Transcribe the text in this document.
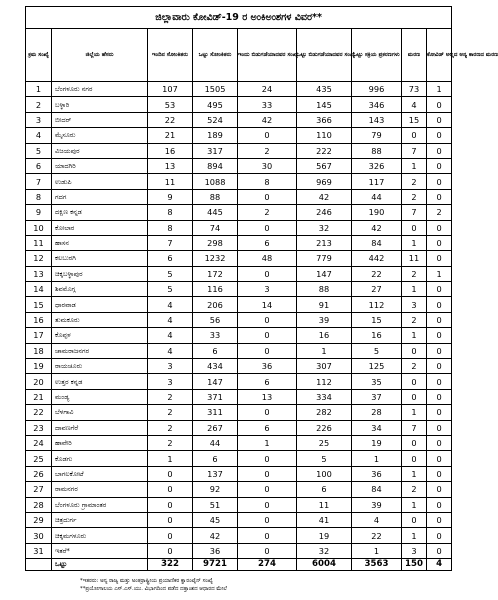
ಜಿಲ್ಲಾವಾರು ಕೋವಿಡ್-19 ರ ಅಂಕಿಅಂಶಗಳ ವಿವರ**								
ಕ್ರಮ ಸಂಖ್ಯೆ	ಜಿಲ್ಲೆಯ ಹೆಸರು	ಇಂದಿನ ಸೋಂಕಿತರು	ಒಟ್ಟು ಸೋಂಕಿತರು	ಇಂದು ಬಿಡುಗಡೆಯಾದವರ ಸಂಖ್ಯೆ	ಒಟ್ಟು ಬಿಡುಗಡೆಯಾದವರ ಸಂಖ್ಯೆ	ಒಟ್ಟು ಸಕ್ರಿಯ ಪ್ರಕರಣಗಳು	ಮರಣ	ಕೋವಿಡ್ ಅಲ್ಲದ ಅನ್ಯ ಕಾರಣದ ಮರಣ
1	ಬೆಂಗಳೂರು ನಗರ	107	1505	24	435	996	73	1
2	ಬಳ್ಳಾರಿ	53	495	33	145	346	4	0
3	ಬೀದರ್	22	524	42	366	143	15	0
4	ಮೈಸೂರು	21	189	0	110	79	0	0
5	ವಿಜಯಪುರ	16	317	2	222	88	7	0
6	ಯಾದಗಿರಿ	13	894	30	567	326	1	0
7	ಉಡುಪಿ	11	1088	8	969	117	2	0
8	ಗದಗ	9	88	0	42	44	2	0
9	ದಕ್ಷಿಣ ಕನ್ನಡ	8	445	2	246	190	7	2
10	ಕೋಲಾರ	8	74	0	32	42	0	0
11	ಹಾಸನ	7	298	6	213	84	1	0
12	ಕಲಬುರಗಿ	6	1232	48	779	442	11	0
13	ಚಿಕ್ಕಬಳ್ಳಾಪುರ	5	172	0	147	22	2	1
14	ಶಿವಮೊಗ್ಗ	5	116	3	88	27	1	0
15	ಧಾರವಾಡ	4	206	14	91	112	3	0
16	ತುಮಕೂರು	4	56	0	39	15	2	0
17	ಕೊಪ್ಪಳ	4	33	0	16	16	1	0
18	ಚಾಮರಾಜನಗರ	4	6	0	1	5	0	0
19	ರಾಯಚೂರು	3	434	36	307	125	2	0
20	ಉತ್ತರ ಕನ್ನಡ	3	147	6	112	35	0	0
21	ಮಂಡ್ಯ	2	371	13	334	37	0	0
22	ಬೆಳಗಾವಿ	2	311	0	282	28	1	0
23	ದಾವಣಗೆರೆ	2	267	6	226	34	7	0
24	ಹಾವೇರಿ	2	44	1	25	19	0	0
25	ಕೊಡಗು	1	6	0	5	1	0	0
26	ಬಾಗಲಕೋಟೆ	0	137	0	100	36	1	0
27	ರಾಮನಗರ	0	92	0	6	84	2	0
28	ಬೆಂಗಳೂರು ಗ್ರಾಮಾಂತರ	0	51	0	11	39	1	0
29	ಚಿತ್ರದುರ್ಗ	0	45	0	41	4	0	0
30	ಚಿಕ್ಕಮಗಳೂರು	0	42	0	19	22	1	0
31	ಇತರೆ*	0	36	0	32	1	3	0
	ಒಟ್ಟು	322	9721	274	6004	3563	150	4
*ಇತರರು: ಅನ್ಯ ರಾಜ್ಯ ಮತ್ತು ಅಂತರ್ರಾಷ್ಟ್ರೀಯ ಪ್ರಯಾಣಿಕರ ಕ್ವಾರಂಟೈನ್ ಸಂಖ್ಯೆ
**ಪ್ರಯೋಗಾಲಯ ಎಸ್.ಎಸ್.ಯು. ವಿಭಾಗದಿಂದ ಪಡೆದ ದತ್ತಾಂಶದ ಆಧಾರದ ಮೇಲೆ
